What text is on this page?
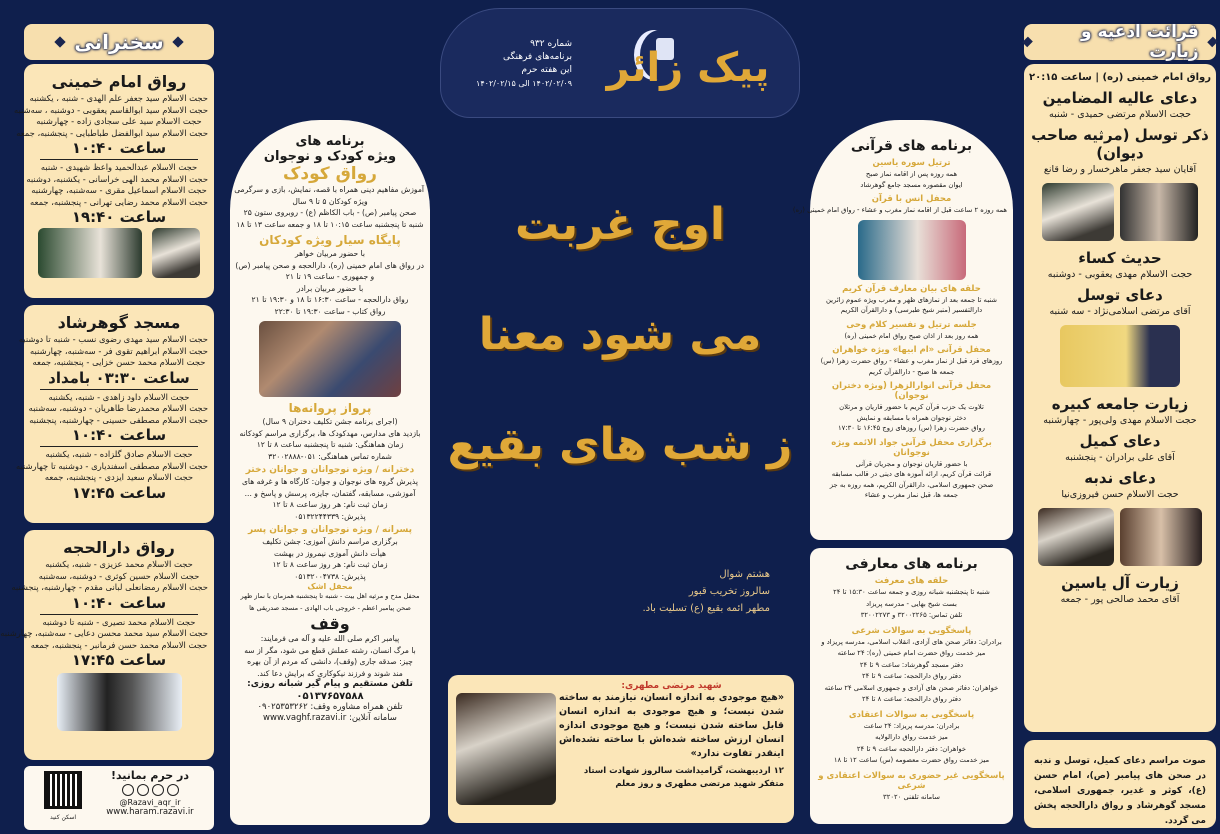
شماره ۹۳۲
برنامه‌های فرهنگی
این هفته حرم
۱۴۰۲/۰۲/۰۹ الی ۱۴۰۲/۰۲/۱۵ پیک زائر
اوج غربت
می شود معنا
ز شب های بقیع
هشتم شوال
سالروز تخریب قبور
مطهر ائمه بقیع (ع) تسلیت باد.
شهید مرتضی مطهری:
«هیچ موجودی به اندازه انسان، نیازمند به ساخته شدن نیست؛ و هیچ موجودی به اندازه انسان قابل ساخته شدن نیست؛ و هیچ موجودی اندازه انسان ارزش ساخته شده‌اش با ساخته نشده‌اش اینقدر تفاوت ندارد»
۱۲ اردیبهشت، گرامیداشت سالروز شهادت استاد متفکر شهید مرتضی مطهری و روز معلم
سخنرانی
رواق امام خمینی
حجت الاسلام سید جعفر علم الهدی - شنبه ، یکشنبه
حجت الاسلام سید ابوالقاسم یعقوبی - دوشنبه ، سه‌شنبه
حجت الاسلام سید علی سجادی زاده - چهارشنبه
حجت الاسلام سید ابوالفضل طباطبایی - پنجشنبه، جمعه
ساعت ۱۰:۴۰
حجت الاسلام عبدالحمید واعظ شهیدی - شنبه
حجت الاسلام محمد الهی خراسانی - یکشنبه، دوشنبه
حجت الاسلام اسماعیل مقری - سه‌شنبه، چهارشنبه
حجت الاسلام محمد رضایی تهرانی - پنجشنبه، جمعه
ساعت ۱۹:۴۰
مسجد گوهرشاد
حجت الاسلام سید مهدی رضوی نسب - شنبه تا دوشنبه
حجت الاسلام ابراهیم تقوی فر - سه‌شنبه، چهارشنبه
حجت الاسلام محمد حسن خزایی - پنجشنبه، جمعه
ساعت ۰۳:۳۰ بامداد
حجت الاسلام داود زاهدی - شنبه، یکشنبه
حجت الاسلام محمدرضا طاهریان - دوشنبه، سه‌شنبه
حجت الاسلام مصطفی حسینی - چهارشنبه، پنجشنبه
ساعت ۱۰:۴۰
حجت الاسلام صادق گلزاده - شنبه، یکشنبه
حجت الاسلام مصطفی اسفندیاری - دوشنبه تا چهارشنبه
حجت الاسلام سعید ایزدی - پنجشنبه، جمعه
ساعت ۱۷:۴۵
رواق دارالحجه
حجت الاسلام محمد عزیزی - شنبه، یکشنبه
حجت الاسلام حسین کوثری - دوشنبه، سه‌شنبه
حجت الاسلام رمضانعلی لبانی مقدم - چهارشنبه، پنجشنبه
ساعت ۱۰:۴۰
حجت الاسلام محمد نصیری - شنبه تا دوشنبه
حجت الاسلام سید محمد محسن دعایی - سه‌شنبه، چهارشنبه
حجت الاسلام محمد حسن فرمانبر - پنجشنبه، جمعه
ساعت ۱۷:۴۵
اسکن کنید
در حرم بمانید!
@Razavi_aqr_ir
www.haram.razavi.ir
برنامه های
ویژه کودک و نوجوان
رواق کودک
آموزش مفاهیم دینی همراه با قصه، نمایش، بازی و سرگرمی
ویژه کودکان ۵ تا ۹ سال
صحن پیامبر (ص) - باب الکاظم (ع) - روبروی ستون ۲۵
شنبه تا پنجشنبه ساعت ۱۰:۱۵ تا ۱۸ و جمعه ساعت ۱۳ تا ۱۸
پایگاه سیار ویژه کودکان
با حضور مربیان خواهر
در رواق های امام خمینی (ره)، دارالحجه و صحن پیامبر (ص)
و جمهوری - ساعت ۱۹ تا ۲۱
با حضور مربیان برادر
رواق دارالحجه - ساعت ۱۶:۳۰ تا ۱۸ و ۱۹:۳۰ تا ۲۱
رواق کتاب - ساعت ۱۹:۳۰ تا ۲۲:۳۰
پرواز پروانه‌ها
(اجرای برنامه جشن تکلیف دختران ۹ سال)
بازدید های مدارس، مهدکودک ها، برگزاری مراسم کودکانه
زمان هماهنگی: شنبه تا پنجشنبه ساعت ۸ تا ۱۲
شماره تماس هماهنگی: ۰۵۱-۳۲۰۰۲۸۸۸
دخترانه / ویژه نوجوانان و جوانان دختر
پذیرش گروه های نوجوان و جوان: کارگاه ها و غرفه های
آموزشی، مسابقه، گفتمان، جایزه، پرسش و پاسخ و ...
زمان ثبت نام: هر روز ساعت ۸ تا ۱۲
پذیرش: ۰۵۱۳۲۲۴۴۳۳۹
پسرانه / ویژه نوجوانان و جوانان پسر
برگزاری مراسم دانش آموزی: جشن تکلیف
هیأت دانش آموزی نیمروز در بهشت
زمان ثبت نام: هر روز ساعت ۸ تا ۱۲
پذیرش: ۰۵۱۳۲۰۰۴۷۳۸
محفل اشک
محفل مدح و مرثیه اهل بیت - شنبه تا پنجشنبه همزمان با نماز ظهر
صحن پیامبر اعظم - خروجی باب الهادی - مسجد صدریقی ها
وقف
پیامبر اکرم صلی الله علیه و آله می فرمایند:
با مرگ انسان، رشته عملش قطع می شود، مگر از سه
چیز: صدقه جاری (وقف)، دانشی که مردم از آن بهره
مند شوند و فرزند نیکوکاری که برایش دعا کند.
تلفن مستقیم و پیام گیر شبانه روزی:
۰۵۱۳۷۶۵۷۵۸۸
تلفن همراه مشاوره وقف: ۰۹۰۲۵۳۵۳۲۶۲
سامانه آنلاین: www.vaghf.razavi.ir
برنامه های قرآنی
ترتیل سوره یاسین
همه روزه پس از اقامه نماز صبح
ایوان مقصوره مسجد جامع گوهرشاد
محفل انس با قرآن
همه روزه ۲ ساعت قبل از اقامه نماز مغرب و عشاء - رواق امام خمینی (ره)
حلقه های بیان معارف قرآن کریم
شنبه تا جمعه بعد از نمازهای ظهر و مغرب ویژه عموم زائرین
دارالتفسیر (منبر شیخ طبرسی) و دارالقرآن الکریم
جلسه ترتیل و تفسیر کلام وحی
همه روز بعد از اذان صبح رواق امام خمینی (ره)
محفل قرآنی «ام ابیها» ویژه خواهران
روزهای فرد قبل از نماز مغرب و عشاء - رواق حضرت زهرا (س)
جمعه ها صبح - دارالقرآن کریم
محفل قرآنی انوارالزهرا (ویژه دختران نوجوان)
تلاوت یک حزب قرآن کریم با حضور قاریان و مرتلان
دختر نوجوان همراه با مسابقه و نمایش
رواق حضرت زهرا (س) روزهای زوج ۱۶:۴۵ تا ۱۷:۳۰
برگزاری محفل قرآنی جواد الائمه ویژه نوجوانان
با حضور قاریان نوجوان و مجریان قرآنی
قرائت قرآن کریم، ارائه آموزه های دینی در قالب مسابقه
صحن جمهوری اسلامی، دارالقرآن الکریم، همه روزه به جز
جمعه ها، قبل نماز مغرب و عشاء
برنامه های معارفی
حلقه های معرفت
شنبه تا پنجشنبه شبانه روزی و جمعه ساعت ۱۵:۳۰ تا ۲۴
بست شیخ بهایی - مدرسه پریزاد
تلفن تماس: ۳۲۰۰۲۲۶۵ و ۳۲۰۰۲۲۷۳
پاسخگویی به سوالات شرعی
برادران: دفاتر صحن های آزادی، انقلاب اسلامی، مدرسه پریزاد و
میز خدمت رواق حضرت امام خمینی (ره): ۲۴ ساعته
دفتر مسجد گوهرشاد: ساعت ۹ تا ۲۴
دفتر رواق دارالحجه: ساعت ۹ تا ۲۴
خواهران: دفاتر صحن های آزادی و جمهوری اسلامی ۲۴ ساعته
دفتر رواق دارالحجه: ساعت ۸ تا ۲۴
پاسخگویی به سوالات اعتقادی
برادران: مدرسه پریزاد: ۲۴ ساعت
میز خدمت رواق دارالولایه
خواهران: دفتر دارالحجه ساعت ۹ تا ۲۴
میز خدمت رواق حضرت معصومه (س) ساعت ۱۲ تا ۱۸
پاسخگویی غیر حضوری به سوالات اعتقادی و شرعی
سامانه تلفنی ۳۲۰۲۰
قرائت ادعیه و زیارت
رواق امام خمینی (ره) | ساعت ۲۰:۱۵
دعای عالیه المضامین
حجت الاسلام مرتضی حمیدی - شنبه
ذکر توسل (مرثیه صاحب دیوان)
آقایان سید جعفر ماهرخسار و رضا قانع
حدیث کساء
حجت الاسلام مهدی یعقوبی - دوشنبه
دعای توسل
آقای مرتضی اسلامی‌نژاد - سه شنبه
زیارت جامعه کبیره
حجت الاسلام مهدی ولی‌پور - چهارشنبه
دعای کمیل
آقای علی برادران - پنجشنبه
دعای ندبه
حجت الاسلام حسن فیروزی‌نیا
زیارت آل یاسین
آقای محمد صالحی پور - جمعه
صوت مراسم دعای کمیل، توسل و ندبه در صحن های پیامبر (ص)، امام حسن (ع)، کوثر و غدیر، جمهوری اسلامی، مسجد گوهرشاد و رواق دارالحجه پخش می گردد.
